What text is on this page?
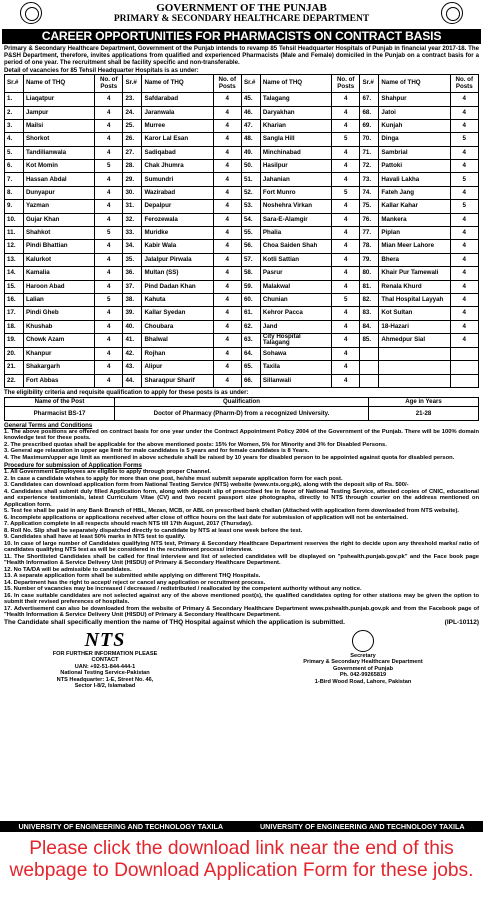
GOVERNMENT OF THE PUNJAB
PRIMARY & SECONDARY HEALTHCARE DEPARTMENT
CAREER OPPORTUNITIES FOR PHARMACISTS ON CONTRACT BASIS
Primary & Secondary Healthcare Department, Government of the Punjab intends to revamp 85 Tehsil Headquarter Hospitals of Punjab in financial year 2017-18. The P&SH Department, therefore, invites applications from qualified and experienced Pharmacists (Male and Female) domiciled in the Punjab on a contract basis for a period of one year. The recruitment shall be facility specific and non-transferable.
Detail of vacancies for 85 Tehsil Headquarter Hospitals is as under:
Sr.#	Name of THQ	No. of Posts	Sr.#	Name of THQ	No. of Posts	Sr.#	Name of THQ	No. of Posts	Sr.#	Name of THQ	No. of Posts
1.	Liaqatpur	4	23.	Safdarabad	4	45.	Talagang	4	67.	Shahpur	4
2.	Jampur	4	24.	Jaranwala	4	46.	Daryakhan	4	68.	Jatoi	4
3.	Mailsi	4	25.	Murree	4	47.	Kharian	4	69.	Kunjah	4
4.	Shorkot	4	26.	Karor Lal Esan	4	48.	Sangla Hill	5	70.	Dinga	5
5.	Tandilianwala	4	27.	Sadiqabad	4	49.	Minchinabad	4	71.	Sambrial	4
6.	Kot Momin	5	28.	Chak Jhumra	4	50.	Hasilpur	4	72.	Pattoki	4
7.	Hassan Abdal	4	29.	Sumundri	4	51.	Jahanian	4	73.	Havali Lakha	5
8.	Dunyapur	4	30.	Wazirabad	4	52.	Fort Munro	5	74.	Fateh Jang	4
9.	Yazman	4	31.	Depalpur	4	53.	Noshehra Virkan	4	75.	Kallar Kahar	5
10.	Gujar Khan	4	32.	Ferozewala	4	54.	Sara-E-Alamgir	4	76.	Mankera	4
11.	Shahkot	5	33.	Muridke	4	55.	Phalia	4	77.	Piplan	4
12.	Pindi Bhattian	4	34.	Kabir Wala	4	56.	Choa Saiden Shah	4	78.	Mian Meer Lahore	4
13.	Kalurkot	4	35.	Jalalpur Pirwala	4	57.	Kotli Sattian	4	79.	Bhera	4
14.	Kamalia	4	36.	Multan (SS)	4	58.	Pasrur	4	80.	Khair Pur Tamewali	4
15.	Haroon Abad	4	37.	Pind Dadan Khan	4	59.	Malakwal	4	81.	Renala Khurd	4
16.	Lalian	5	38.	Kahuta	4	60.	Chunian	5	82.	Thal Hospital Layyah	4
17.	Pindi Gheb	4	39.	Kallar Syedan	4	61.	Kehror Pacca	4	83.	Kot Sultan	4
18.	Khushab	4	40.	Choubara	4	62.	Jand	4	84.	18-Hazari	4
19.	Chowk Azam	4	41.	Bhalwal	4	63.	City Hospital Talagang	4	85.	Ahmedpur Sial	4
20.	Khanpur	4	42.	Rojhan	4	64.	Sohawa	4			
21.	Shakargarh	4	43.	Alipur	4	65.	Taxila	4			
22.	Fort Abbas	4	44.	Sharaqpur Sharif	4	66.	Sillanwali	4			
The eligibility criteria and requisite qualification to apply for these posts is as under:
Name of the Post	Qualification	Age in Years
Pharmacist BS-17	Doctor of Pharmacy (Pharm-D) from a recognized University.	21-28
General Terms and Conditions
1. The above positions are offered on contract basis for one year under the Contract Appointment Policy 2004 of the Government of the Punjab. There will be 100% domain knowledge test for these posts.
2. The prescribed quotas shall be applicable for the above mentioned posts: 15% for Women, 5% for Minority and 3% for Disabled Persons.
3. General age relaxation in upper age limit for male candidates is 5 years and for female candidates is 8 Years.
4. The Maximum/upper age limit as mentioned in above schedule shall be raised by 10 years for disabled person to be appointed against quota for disabled person.
Procedure for submission of Application Forms
1. All Government Employees are eligible to apply through proper Channel.
2. In case a candidate wishes to apply for more than one post, he/she must submit separate application form for each post.
3. Candidates can download application form from National Testing Service (NTS) website (www.nts.org.pk), along with the deposit slip of Rs. 500/-
4. Candidates shall submit duly filled Application form, along with deposit slip of prescribed fee in favor of National Testing Service, attested copies of CNIC, educational and experience testimonials, latest Curriculum Vitae (CV) and two recent passport size photographs, directly to NTS through courier on the address mentioned on Application form.
5. Test fee shall be paid in any Bank Branch of HBL, Mezan, MCB, or ABL on prescribed bank challan (Attached with application form downloaded from NTS website).
6. Incomplete applications or applications received after close of office hours on the last date for submission of application will not be entertained.
7. Application complete in all respects should reach NTS till 17th August, 2017 (Thursday).
8. Roll No. Slip shall be separately dispatched directly to candidate by NTS at least one week before the test.
9. Candidates shall have at least 50% marks in NTS test to qualify.
10. In case of large number of Candidates qualifying NTS test, Primary & Secondary Healthcare Department reserves the right to decide upon any threshold marks/ ratio of candidates qualifying NTS test as will be considered in the recruitment process/ interview.
11. The Shortlisted Candidates shall be called for final interview and list of selected candidates will be displayed on "pshealth.punjab.gov.pk" and the Face book page "Health Information & Service Delivery Unit (HISDU) of Primary & Secondary Healthcare Department.
12. No TA/DA will be admissible to candidates.
13. A separate application form shall be submitted while applying on different THQ Hospitals.
14. Department has the right to accept/ reject or cancel any application or recruitment process.
15. Number of vacancies may be increased / decreased / redistributed / reallocated by the competent authority without any notice.
16. In case suitable candidates are not selected against any of the above mentioned post(s), the qualified candidates opting for other stations may be given the option to submit their revised preferences of hospitals.
17. Advertisement can also be downloaded from the website of Primary & Secondary Healthcare Department www.pshealth.punjab.gov.pk and from the Facebook page of "Health Information & Service Delivery Unit (HISDU) of Primary & Secondary Healthcare Department.
The Candidate shall specifically mention the name of THQ Hospital against which the application is submitted.	(IPL-10112)
NTS
FOR FURTHER INFORMATION PLEASE CONTACT
UAN: +92-51-844-444-1
National Testing Service-Pakistan
NTS Headquarter: 1-E, Street No. 46,
Sector I-8/2, Islamabad
Secretary
Primary & Secondary Healthcare Department
Government of Punjab
Ph. 042-99265819
1-Bird Wood Road, Lahore, Pakistan
UNIVERSITY OF ENGINEERING AND TECHNOLOGY TAXILA	UNIVERSITY OF ENGINEERING AND TECHNOLOGY TAXILA
Please click the download link near the end of this webpage to Download Application Form for these jobs.
